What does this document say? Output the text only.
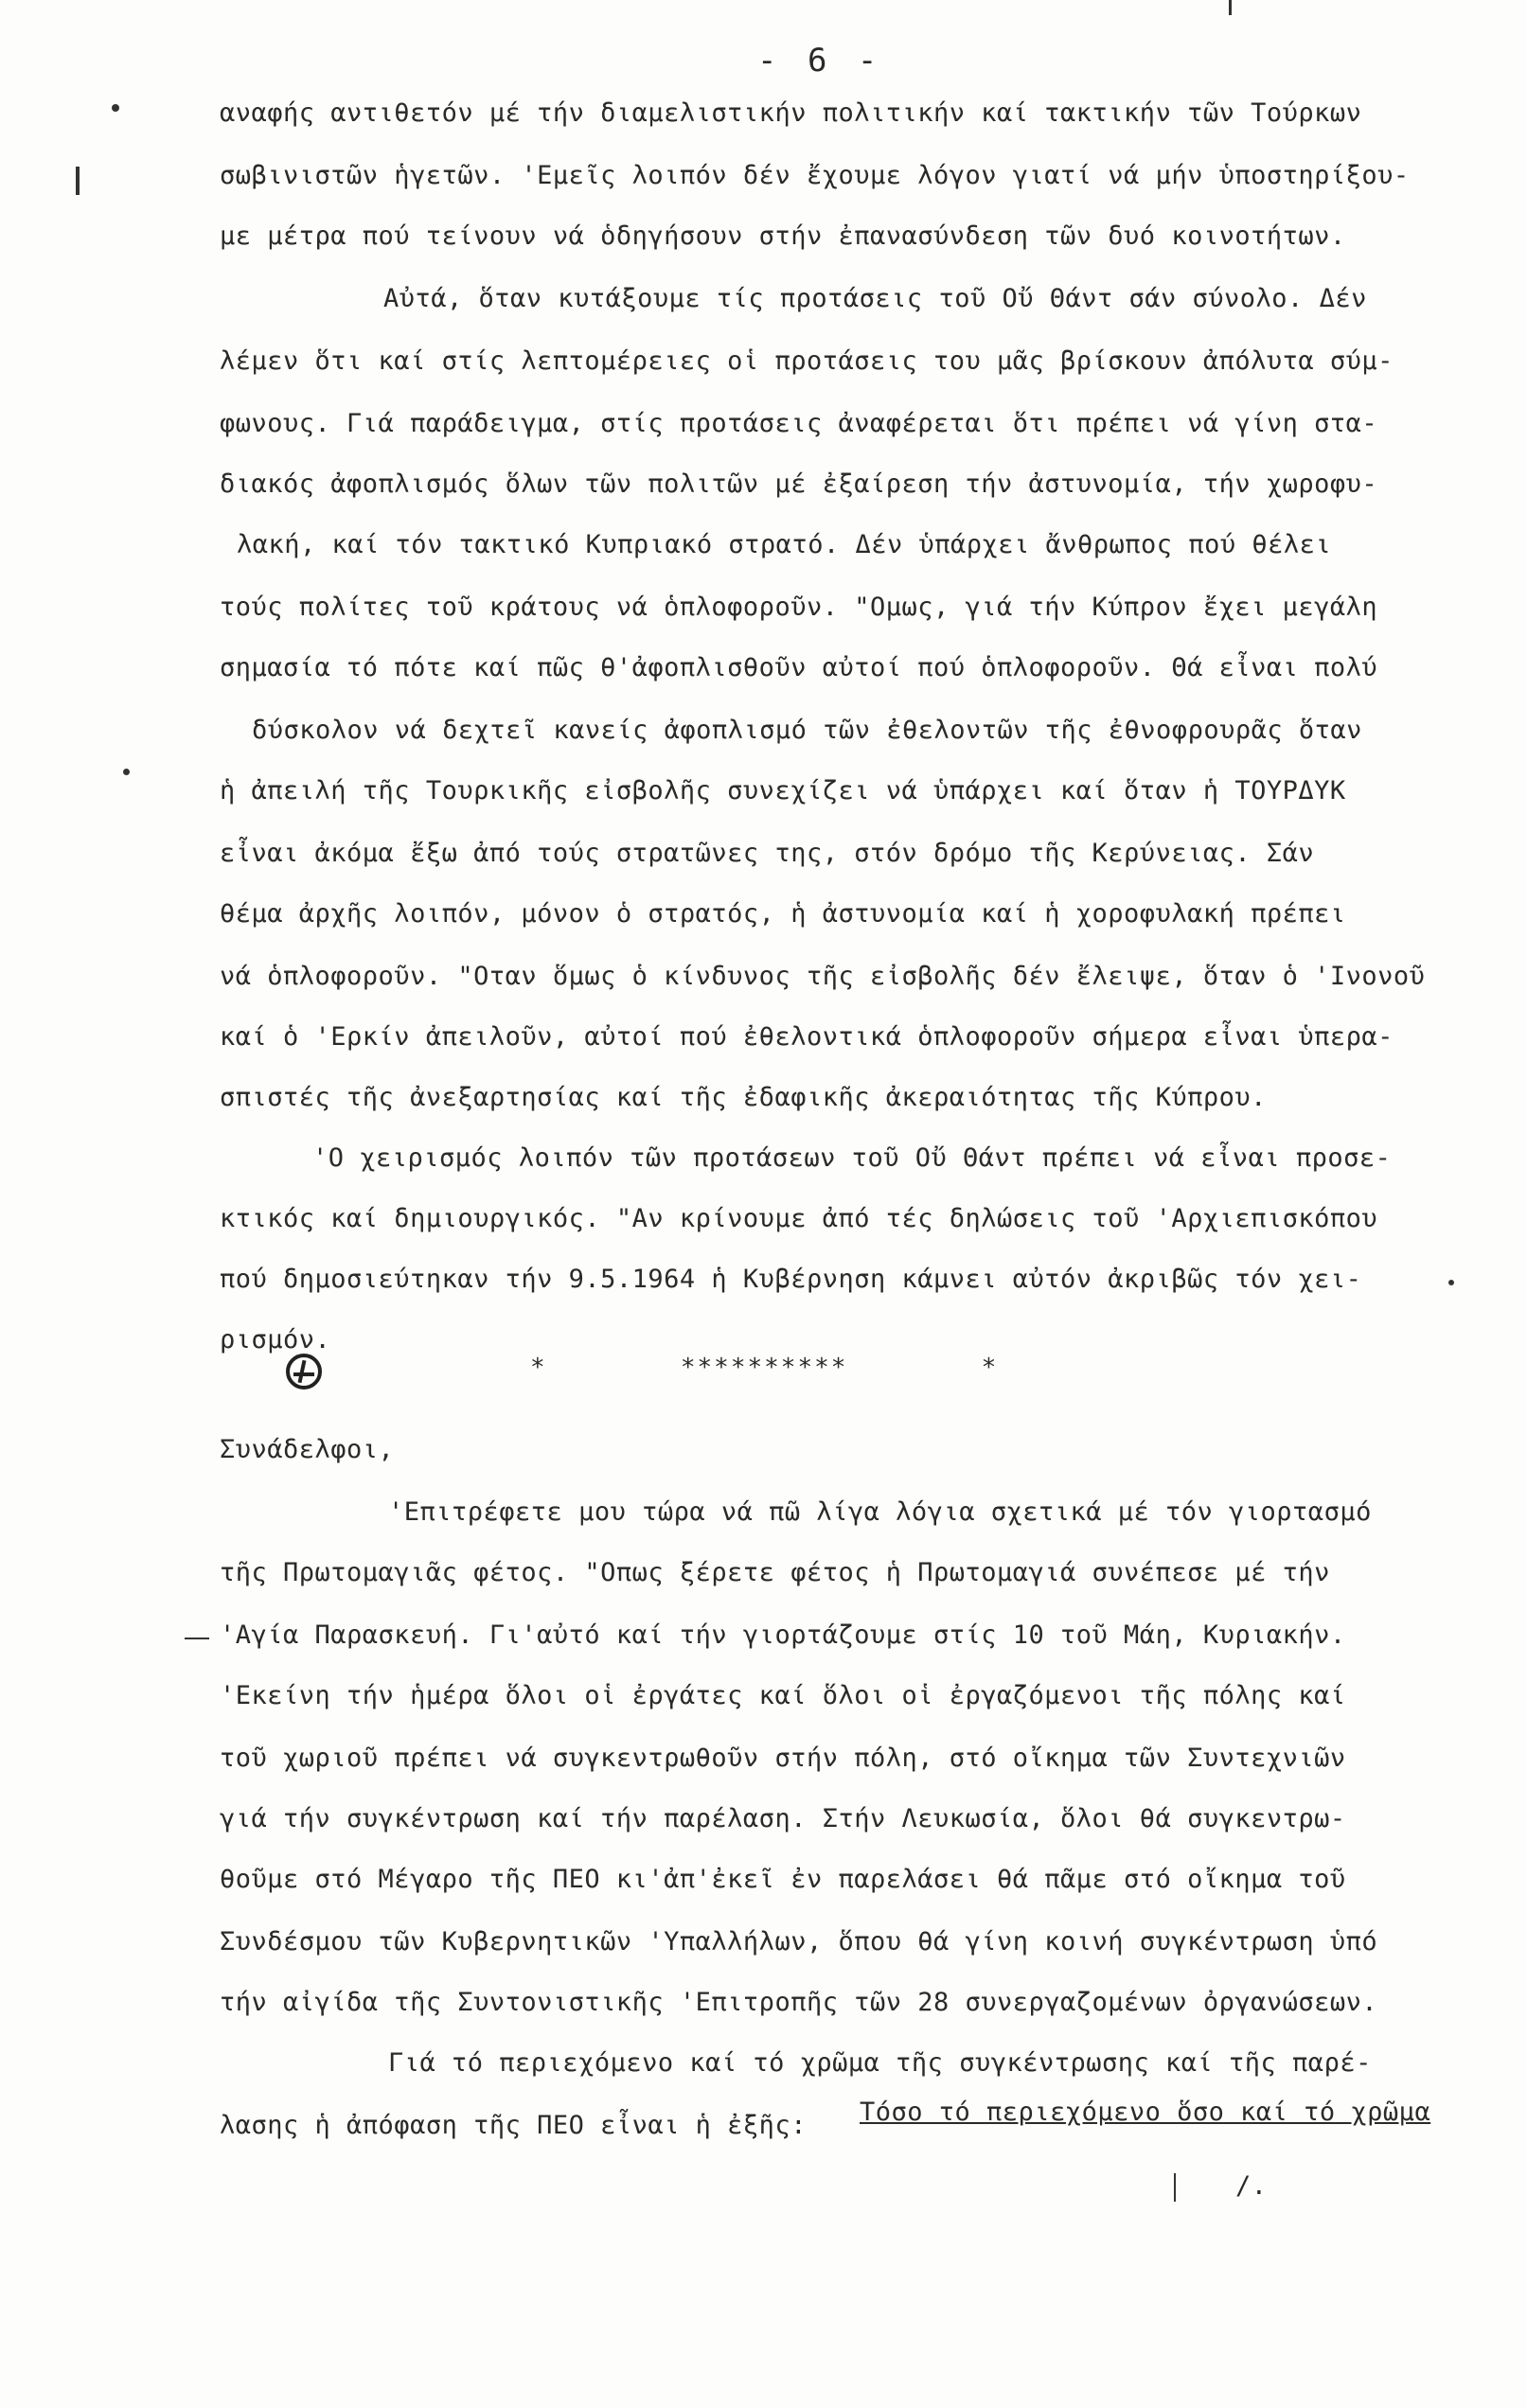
- 6 -
αναφής αντιθετόν μέ τήν διαμελιστικήν πολιτικήν καί τακτικήν τῶν Τούρκων
σωβινιστῶν ἡγετῶν. 'Εμεῖς λοιπόν δέν ἔχουμε λόγον γιατί νά μήν ὑποστηρίξου-
με μέτρα πού τείνουν νά ὁδηγήσουν στήν ἐπανασύνδεση τῶν δυό κοινοτήτων.
Αὐτά, ὅταν κυτάξουμε τίς προτάσεις τοῦ Οὔ Θάντ σάν σύνολο. Δέν
λέμεν ὅτι καί στίς λεπτομέρειες οἱ προτάσεις του μᾶς βρίσκουν ἀπόλυτα σύμ-
φωνους. Γιά παράδειγμα, στίς προτάσεις ἀναφέρεται ὅτι πρέπει νά γίνη στα-
διακός ἀφοπλισμός ὅλων τῶν πολιτῶν μέ ἐξαίρεση τήν ἀστυνομία, τήν χωροφυ-
λακή, καί τόν τακτικό Κυπριακό στρατό. Δέν ὑπάρχει ἄνθρωπος πού θέλει
τούς πολίτες τοῦ κράτους νά ὁπλοφοροῦν. "Ομως, γιά τήν Κύπρον ἔχει μεγάλη
σημασία τό πότε καί πῶς θ'ἀφοπλισθοῦν αὐτοί πού ὁπλοφοροῦν. Θά εἶναι πολύ
δύσκολον νά δεχτεῖ κανείς ἀφοπλισμό τῶν ἐθελοντῶν τῆς ἐθνοφρουρᾶς ὅταν
ἡ ἀπειλή τῆς Τουρκικῆς εἰσβολῆς συνεχίζει νά ὑπάρχει καί ὅταν ἡ ΤΟΥΡΔΥΚ
εἶναι ἀκόμα ἔξω ἀπό τούς στρατῶνες της, στόν δρόμο τῆς Κερύνειας. Σάν
θέμα ἀρχῆς λοιπόν, μόνον ὁ στρατός, ἡ ἀστυνομία καί ἡ χοροφυλακή πρέπει
νά ὁπλοφοροῦν. "Οταν ὅμως ὁ κίνδυνος τῆς εἰσβολῆς δέν ἔλειψε, ὅταν ὁ 'Ινονοῦ
καί ὁ 'Ερκίν ἀπειλοῦν, αὐτοί πού ἐθελοντικά ὁπλοφοροῦν σήμερα εἶναι ὑπερα-
σπιστές τῆς ἀνεξαρτησίας καί τῆς ἐδαφικῆς ἀκεραιότητας τῆς Κύπρου.
'Ο χειρισμός λοιπόν τῶν προτάσεων τοῦ Οὔ Θάντ πρέπει νά εἶναι προσε-
κτικός καί δημιουργικός. "Αν κρίνουμε ἀπό τές δηλώσεις τοῦ 'Αρχιεπισκόπου
πού δημοσιεύτηκαν τήν 9.5.1964 ἡ Κυβέρνηση κάμνει αὐτόν ἀκριβῶς τόν χει-
ρισμόν.
*        **********        *
Συνάδελφοι,
'Επιτρέφετε μου τώρα νά πῶ λίγα λόγια σχετικά μέ τόν γιορτασμό
τῆς Πρωτομαγιᾶς φέτος. "Οπως ξέρετε φέτος ἡ Πρωτομαγιά συνέπεσε μέ τήν
'Αγία Παρασκευή. Γι'αὐτό καί τήν γιορτάζουμε στίς 10 τοῦ Μάη, Κυριακήν.
'Εκείνη τήν ἡμέρα ὅλοι οἱ ἐργάτες καί ὅλοι οἱ ἐργαζόμενοι τῆς πόλης καί
τοῦ χωριοῦ πρέπει νά συγκεντρωθοῦν στήν πόλη, στό οἴκημα τῶν Συντεχνιῶν
γιά τήν συγκέντρωση καί τήν παρέλαση. Στήν Λευκωσία, ὅλοι θά συγκεντρω-
θοῦμε στό Μέγαρο τῆς ΠΕΟ κι'ἀπ'ἐκεῖ ἐν παρελάσει θά πᾶμε στό οἴκημα τοῦ
Συνδέσμου τῶν Κυβερνητικῶν 'Υπαλλήλων, ὅπου θά γίνη κοινή συγκέντρωση ὑπό
τήν αἰγίδα τῆς Συντονιστικῆς 'Επιτροπῆς τῶν 28 συνεργαζομένων ὀργανώσεων.
Γιά τό περιεχόμενο καί τό χρῶμα τῆς συγκέντρωσης καί τῆς παρέ-
λασης ἡ ἀπόφαση τῆς ΠΕΟ εἶναι ἡ ἐξῆς: Τόσο τό περιεχόμενο ὅσο καί τό χρῶμα
/.
